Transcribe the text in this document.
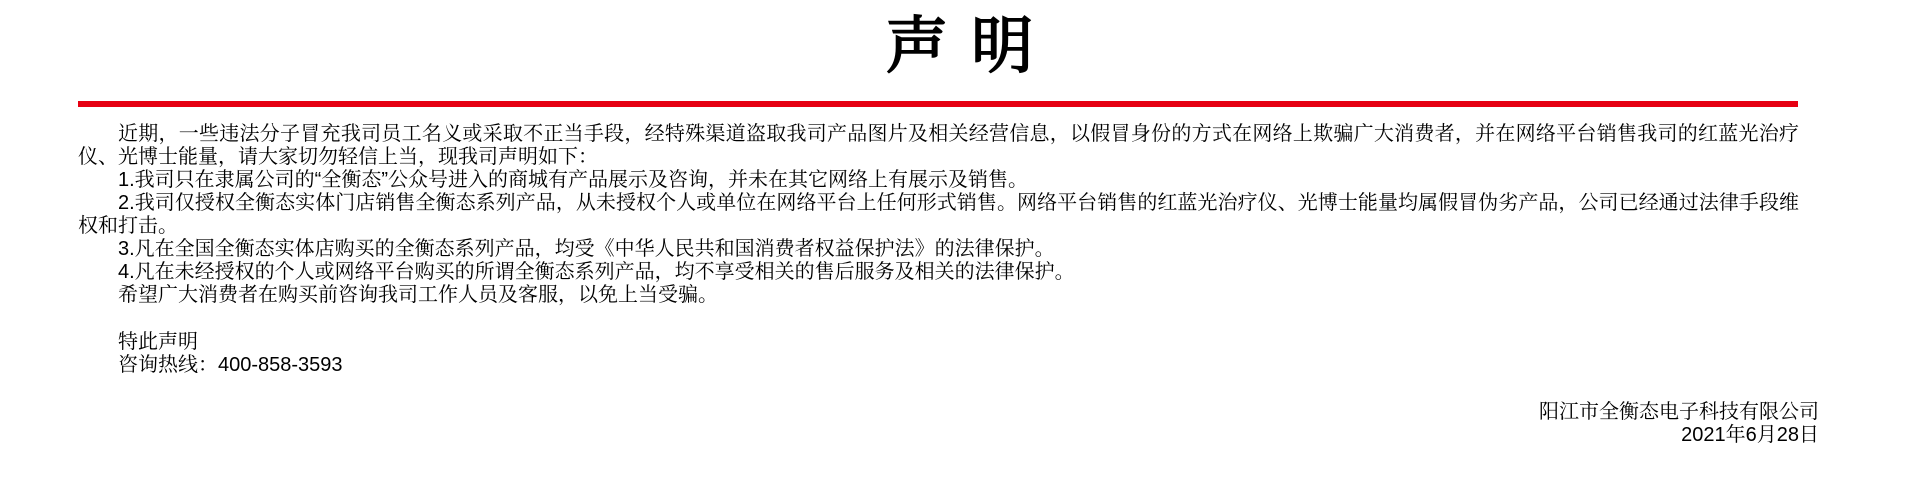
声明

近期，一些违法分子冒充我司员工名义或采取不正当手段，经特殊渠道盗取我司产品图片及相关经营信息，以假冒身份的方式在网络上欺骗广大消费者，并在网络平台销售我司的红蓝光治疗仪、光博士能量，请大家切勿轻信上当，现我司声明如下：

1.我司只在隶属公司的“全衡态”公众号进入的商城有产品展示及咨询，并未在其它网络上有展示及销售。

2.我司仅授权全衡态实体门店销售全衡态系列产品，从未授权个人或单位在网络平台上任何形式销售。网络平台销售的红蓝光治疗仪、光博士能量均属假冒伪劣产品，公司已经通过法律手段维权和打击。

3.凡在全国全衡态实体店购买的全衡态系列产品，均受《中华人民共和国消费者权益保护法》的法律保护。

4.凡在未经授权的个人或网络平台购买的所谓全衡态系列产品，均不享受相关的售后服务及相关的法律保护。

希望广大消费者在购买前咨询我司工作人员及客服，以免上当受骗。

特此声明

咨询热线：400-858-3593

阳江市全衡态电子科技有限公司

2021年6月28日
